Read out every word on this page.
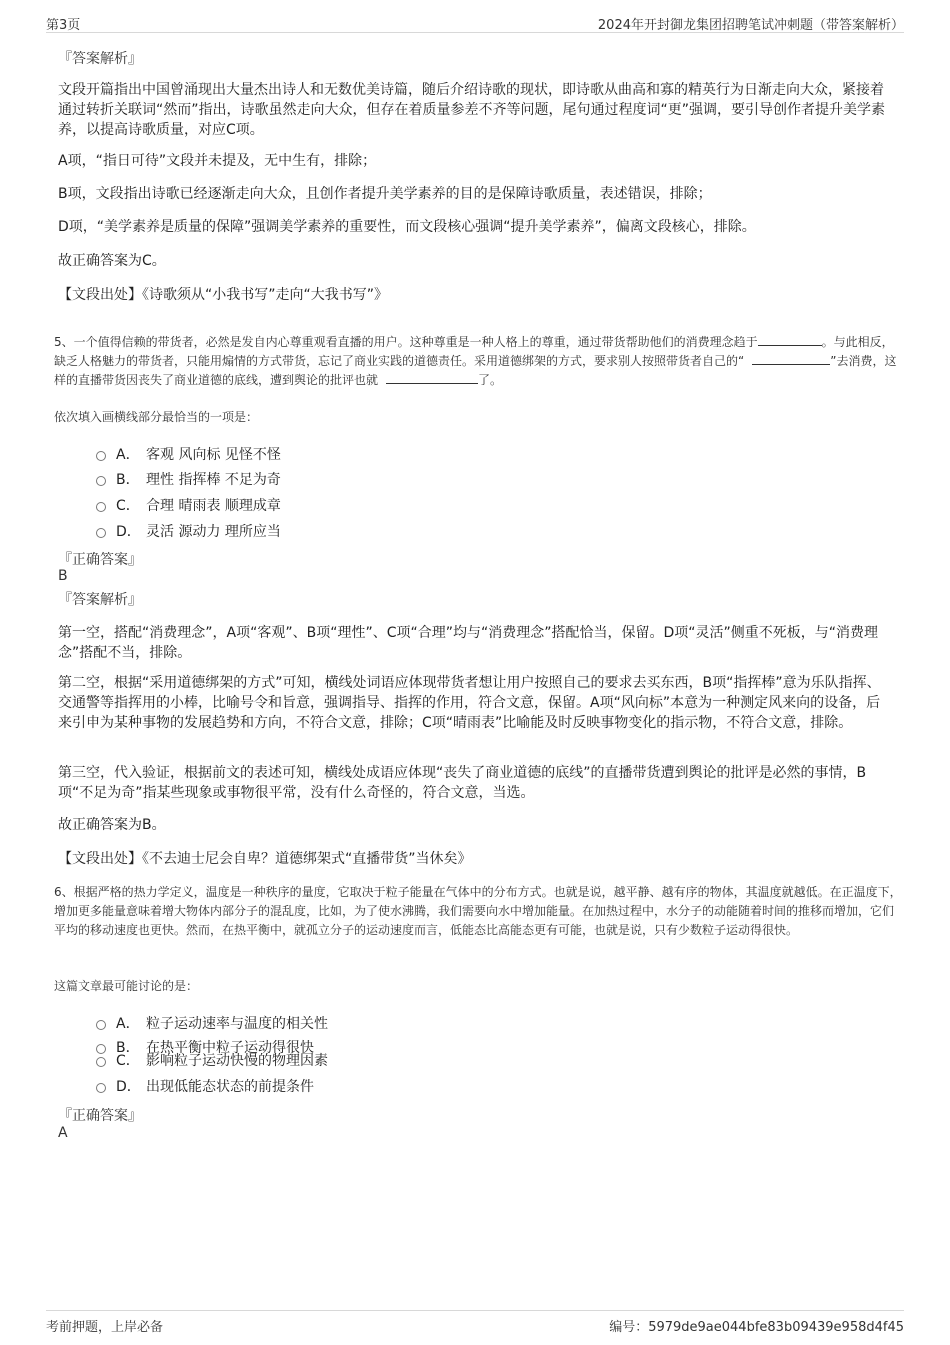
第3页	2024年开封御龙集团招聘笔试冲刺题（带答案解析）
『答案解析』
文段开篇指出中国曾涌现出大量杰出诗人和无数优美诗篇，随后介绍诗歌的现状，即诗歌从曲高和寡的精英行为日渐走向大众，紧接着通过转折关联词“然而”指出，诗歌虽然走向大众，但存在着质量参差不齐等问题，尾句通过程度词“更”强调，要引导创作者提升美学素养，以提高诗歌质量，对应C项。
A项，“指日可待”文段并未提及，无中生有，排除；
B项，文段指出诗歌已经逐渐走向大众，且创作者提升美学素养的目的是保障诗歌质量，表述错误，排除；
D项，“美学素养是质量的保障”强调美学素养的重要性，而文段核心强调“提升美学素养”，偏离文段核心，排除。
故正确答案为C。
【文段出处】《诗歌须从“小我书写”走向“大我书写”》
5、一个值得信赖的带货者，必然是发自内心尊重观看直播的用户。这种尊重是一种人格上的尊重，通过带货帮助他们的消费理念趋于	。与此相反，缺乏人格魅力的带货者，只能用煽情的方式带货，忘记了商业实践的道德责任。采用道德绑架的方式，要求别人按照带货者自己的“	”去消费，这样的直播带货因丧失了商业道德的底线，遭到舆论的批评也就	了。
依次填入画横线部分最恰当的一项是：
A． 客观 风向标 见怪不怪
B． 理性 指挥棒 不足为奇
C． 合理 晴雨表 顺理成章
D． 灵活 源动力 理所应当
『正确答案』
B
『答案解析』
第一空，搭配“消费理念”，A项“客观”、B项“理性”、C项“合理”均与“消费理念”搭配恰当，保留。D项“灵活”侧重不死板，与“消费理念”搭配不当，排除。
第二空，根据“采用道德绑架的方式”可知，横线处词语应体现带货者想让用户按照自己的要求去买东西，B项“指挥棒”意为乐队指挥、交通警等指挥用的小棒，比喻号令和旨意，强调指导、指挥的作用，符合文意，保留。A项“风向标”本意为一种测定风来向的设备，后来引申为某种事物的发展趋势和方向，不符合文意，排除；C项“晴雨表”比喻能及时反映事物变化的指示物，不符合文意，排除。
第三空，代入验证，根据前文的表述可知，横线处成语应体现“丧失了商业道德的底线”的直播带货遭到舆论的批评是必然的事情，B项“不足为奇”指某些现象或事物很平常，没有什么奇怪的，符合文意，当选。
故正确答案为B。
【文段出处】《不去迪士尼会自卑？道德绑架式“直播带货”当休矣》
6、根据严格的热力学定义，温度是一种秩序的量度，它取决于粒子能量在气体中的分布方式。也就是说，越平静、越有序的物体，其温度就越低。在正温度下，增加更多能量意味着增大物体内部分子的混乱度，比如，为了使水沸腾，我们需要向水中增加能量。在加热过程中，水分子的动能随着时间的推移而增加，它们平均的移动速度也更快。然而，在热平衡中，就孤立分子的运动速度而言，低能态比高能态更有可能，也就是说，只有少数粒子运动得很快。
这篇文章最可能讨论的是：
A． 粒子运动速率与温度的相关性
B． 在热平衡中粒子运动得很快
C． 影响粒子运动快慢的物理因素
D． 出现低能态状态的前提条件
『正确答案』
A
考前押题，上岸必备	编号：5979de9ae044bfe83b09439e958d4f45
